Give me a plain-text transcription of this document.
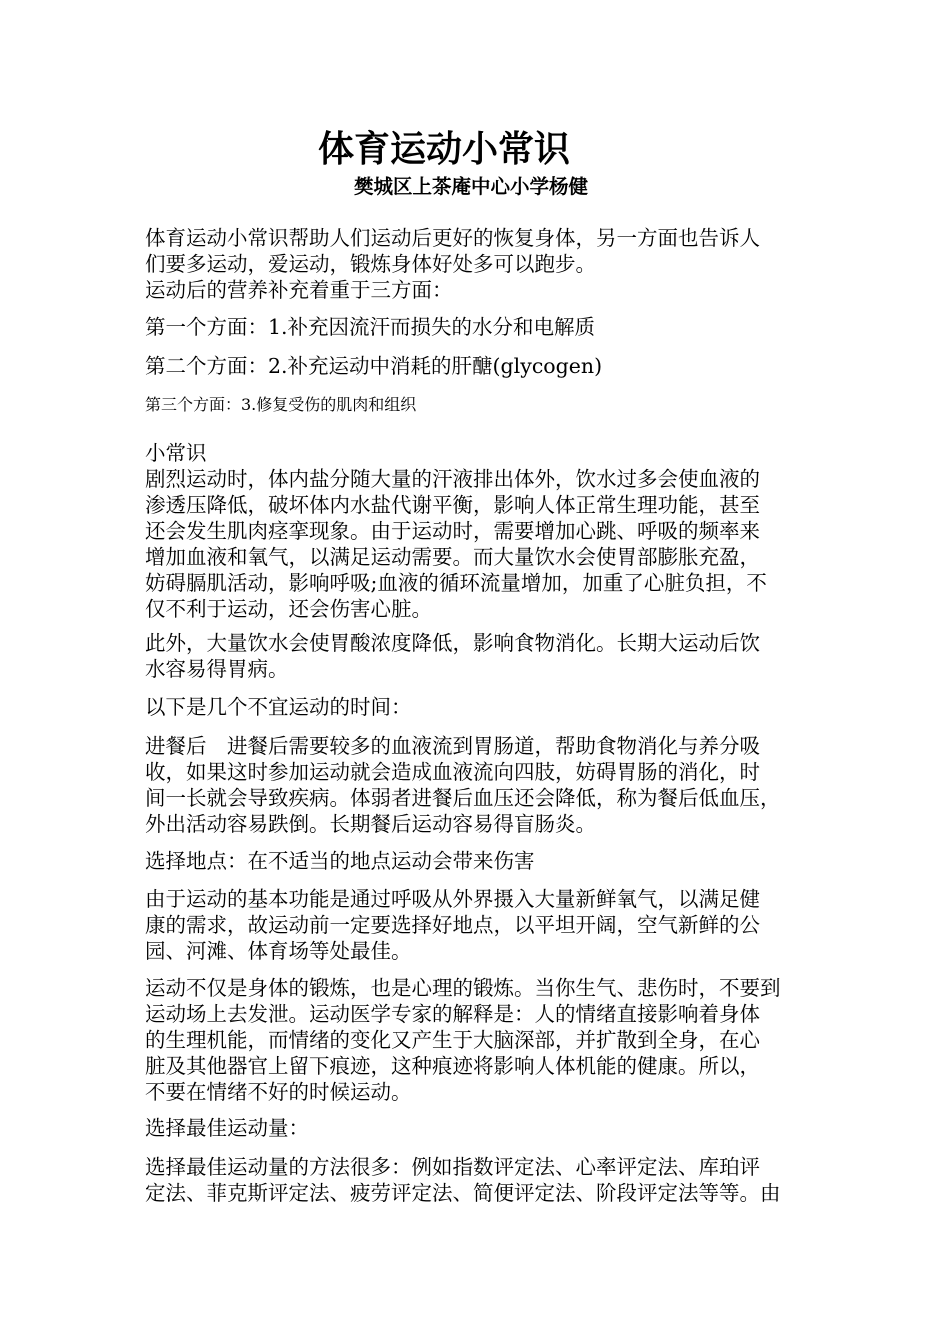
体育运动小常识
樊城区上茶庵中心小学杨健

体育运动小常识帮助人们运动后更好的恢复身体，另一方面也告诉人
们要多运动，爱运动，锻炼身体好处多可以跑步。
运动后的营养补充着重于三方面：

第一个方面：1.补充因流汗而损失的水分和电解质

第二个方面：2.补充运动中消耗的肝醣(glycogen)

第三个方面：3.修复受伤的肌肉和组织

小常识
剧烈运动时，体内盐分随大量的汗液排出体外，饮水过多会使血液的
渗透压降低，破坏体内水盐代谢平衡，影响人体正常生理功能，甚至
还会发生肌肉痉挛现象。由于运动时，需要增加心跳、呼吸的频率来
增加血液和氧气，以满足运动需要。而大量饮水会使胃部膨胀充盈，
妨碍膈肌活动，影响呼吸;血液的循环流量增加，加重了心脏负担，不
仅不利于运动，还会伤害心脏。

此外，大量饮水会使胃酸浓度降低，影响食物消化。长期大运动后饮
水容易得胃病。

以下是几个不宜运动的时间：

进餐后　进餐后需要较多的血液流到胃肠道，帮助食物消化与养分吸
收，如果这时参加运动就会造成血液流向四肢，妨碍胃肠的消化，时
间一长就会导致疾病。体弱者进餐后血压还会降低，称为餐后低血压，
外出活动容易跌倒。长期餐后运动容易得盲肠炎。

选择地点：在不适当的地点运动会带来伤害

由于运动的基本功能是通过呼吸从外界摄入大量新鲜氧气，以满足健
康的需求，故运动前一定要选择好地点，以平坦开阔，空气新鲜的公
园、河滩、体育场等处最佳。

运动不仅是身体的锻炼，也是心理的锻炼。当你生气、悲伤时，不要到
运动场上去发泄。运动医学专家的解释是：人的情绪直接影响着身体
的生理机能，而情绪的变化又产生于大脑深部，并扩散到全身，在心
脏及其他器官上留下痕迹，这种痕迹将影响人体机能的健康。所以，
不要在情绪不好的时候运动。

选择最佳运动量：

选择最佳运动量的方法很多：例如指数评定法、心率评定法、库珀评
定法、菲克斯评定法、疲劳评定法、简便评定法、阶段评定法等等。由
